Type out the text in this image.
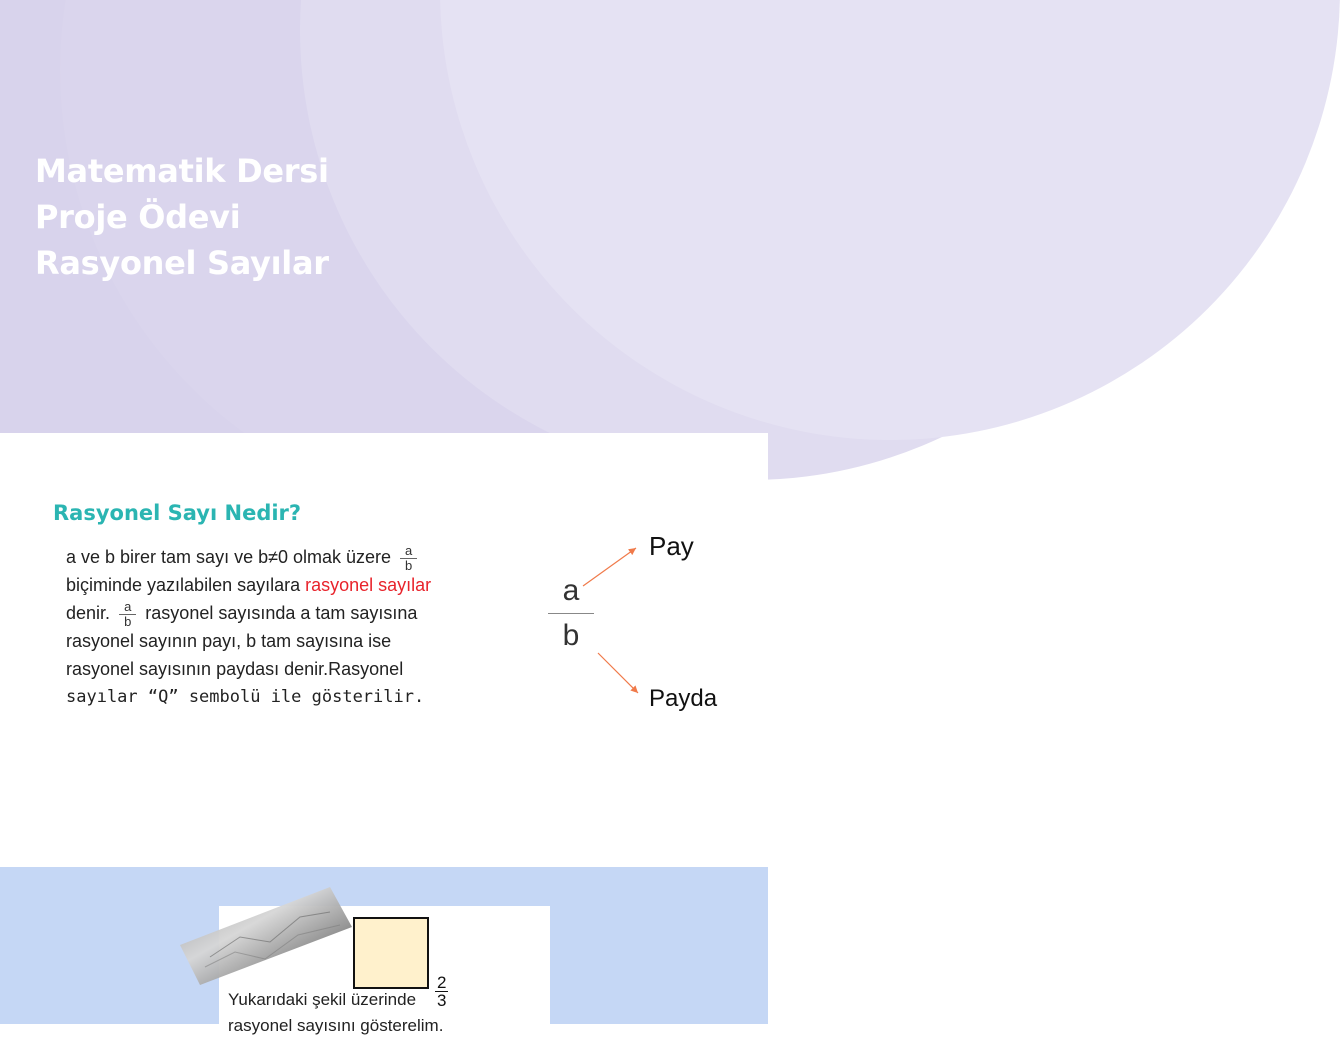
Matematik Dersi
Proje Ödevi
Rasyonel Sayılar
Rasyonel Sayı Nedir?
a ve b birer tam sayı ve b≠0 olmak üzere $\frac{a}{b}$
biçiminde yazılabilen sayılara rasyonel sayılar
denir. $\frac{a}{b}$ rasyonel sayısında a tam sayısına
rasyonel sayının payı, b tam sayısına ise
rasyonel sayısının paydası denir.Rasyonel
sayılar “Q” sembolü ile gösterilir.
a
b
Pay
Payda
$\frac{2}{3}$
Yukarıdaki şekil üzerinde
rasyonel sayısını gösterelim.
